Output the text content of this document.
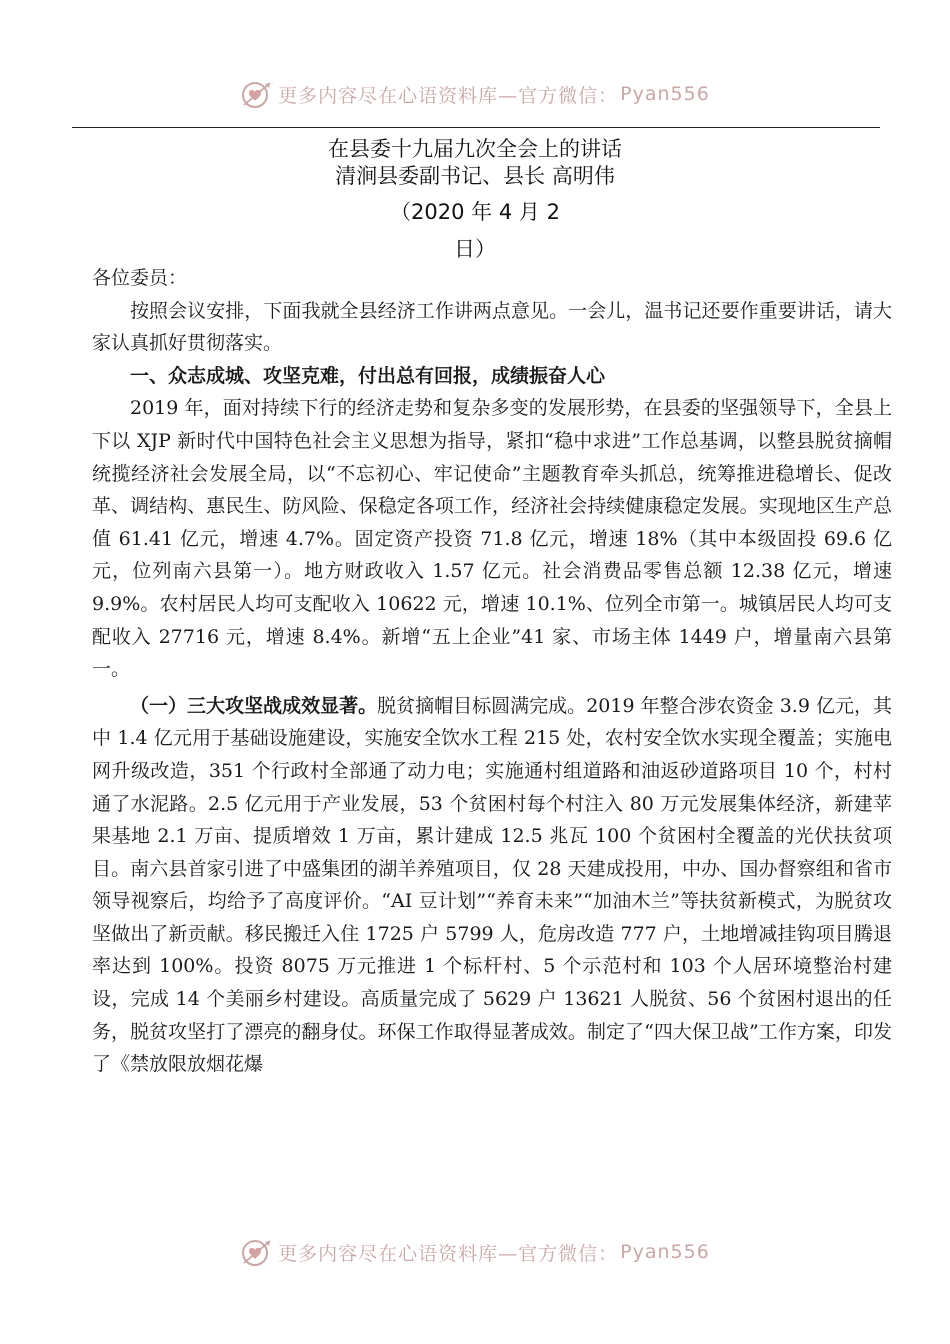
更多内容尽在心语资料库—官方微信： Pyan556
在县委十九届九次全会上的讲话
清涧县委副书记、县长 高明伟
（2020 年 4 月 2
日）

各位委员：

按照会议安排，下面我就全县经济工作讲两点意见。一会儿，温书记还要作重要讲话，请大家认真抓好贯彻落实。

一、众志成城、攻坚克难，付出总有回报，成绩振奋人心

2019 年，面对持续下行的经济走势和复杂多变的发展形势，在县委的坚强领导下，全县上下以 XJP 新时代中国特色社会主义思想为指导，紧扣“稳中求进”工作总基调，以整县脱贫摘帽统揽经济社会发展全局，以“不忘初心、牢记使命”主题教育牵头抓总，统筹推进稳增长、促改革、调结构、惠民生、防风险、保稳定各项工作，经济社会持续健康稳定发展。实现地区生产总值 61.41 亿元，增速 4.7%。固定资产投资 71.8 亿元，增速 18%（其中本级固投 69.6 亿元，位列南六县第一）。地方财政收入 1.57 亿元。社会消费品零售总额 12.38 亿元，增速 9.9%。农村居民人均可支配收入 10622 元，增速 10.1%、位列全市第一。城镇居民人均可支配收入 27716 元，增速 8.4%。新增“五上企业”41 家、市场主体 1449 户，增量南六县第一。

（一）三大攻坚战成效显著。脱贫摘帽目标圆满完成。2019 年整合涉农资金 3.9 亿元，其中 1.4 亿元用于基础设施建设，实施安全饮水工程 215 处，农村安全饮水实现全覆盖；实施电网升级改造，351 个行政村全部通了动力电；实施通村组道路和油返砂道路项目 10 个，村村通了水泥路。2.5 亿元用于产业发展，53 个贫困村每个村注入 80 万元发展集体经济，新建苹果基地 2.1 万亩、提质增效 1 万亩，累计建成 12.5 兆瓦 100 个贫困村全覆盖的光伏扶贫项目。南六县首家引进了中盛集团的湖羊养殖项目，仅 28 天建成投用，中办、国办督察组和省市领导视察后，均给予了高度评价。“AI 豆计划”“养育未来”“加油木兰”等扶贫新模式，为脱贫攻坚做出了新贡献。移民搬迁入住 1725 户 5799 人，危房改造 777 户，土地增减挂钩项目腾退率达到 100%。投资 8075 万元推进 1 个标杆村、5 个示范村和 103 个人居环境整治村建设，完成 14 个美丽乡村建设。高质量完成了 5629 户 13621 人脱贫、56 个贫困村退出的任务，脱贫攻坚打了漂亮的翻身仗。环保工作取得显著成效。制定了“四大保卫战”工作方案，印发了《禁放限放烟花爆

更多内容尽在心语资料库—官方微信： Pyan556
